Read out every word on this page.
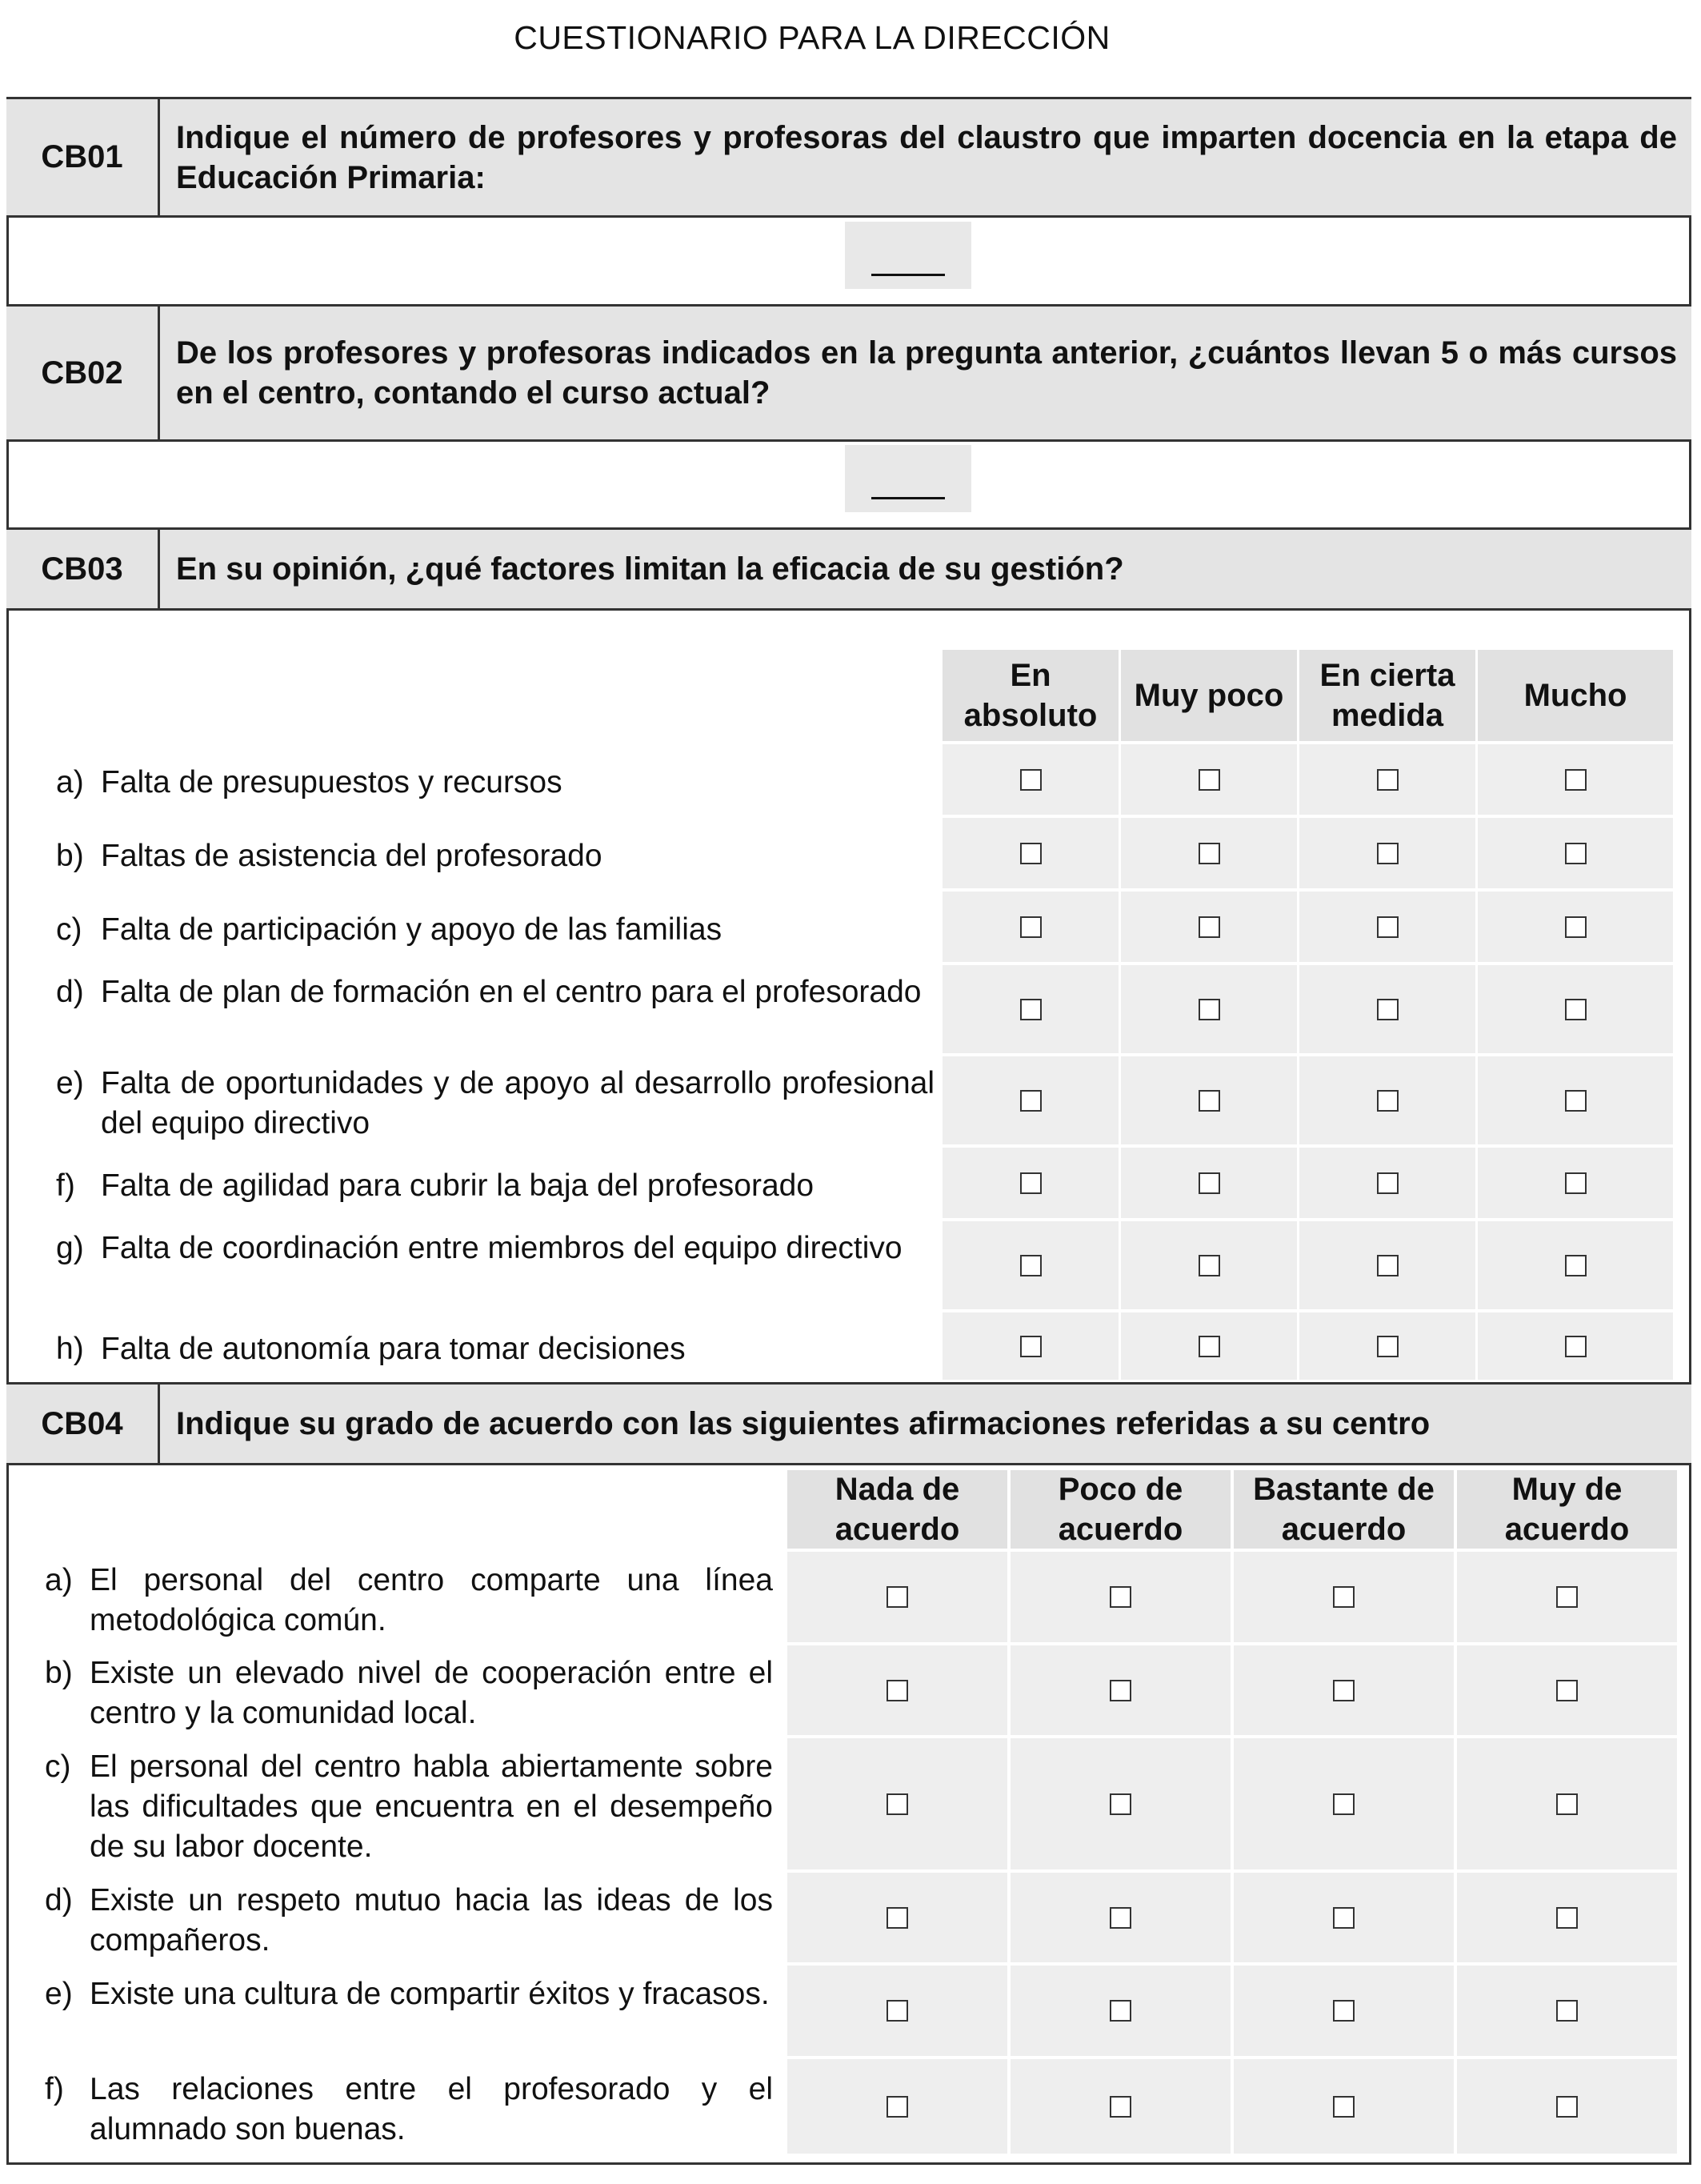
CUESTIONARIO PARA LA DIRECCIÓN
CB01
Indique el número de profesores y profesoras del claustro que imparten docencia en la etapa de Educación Primaria:
CB02
De los profesores y profesoras indicados en la pregunta anterior, ¿cuántos llevan 5 o más cursos en el centro, contando el curso actual?
CB03	En su opinión, ¿qué factores limitan la eficacia de su gestión?
En absoluto
Muy poco
En cierta medida
Mucho
a) Falta de presupuestos y recursos
b) Faltas de asistencia del profesorado
c) Falta de participación y apoyo de las familias
d) Falta de plan de formación en el centro para el profesorado
e) Falta de oportunidades y de apoyo al desarrollo profesional del equipo directivo
f) Falta de agilidad para cubrir la baja del profesorado
g) Falta de coordinación entre miembros del equipo directivo
h) Falta de autonomía para tomar decisiones
CB04	Indique su grado de acuerdo con las siguientes afirmaciones referidas a su centro
Nada de acuerdo
Poco de acuerdo
Bastante de acuerdo
Muy de acuerdo
a) El personal del centro comparte una línea metodológica común.
b) Existe un elevado nivel de cooperación entre el centro y la comunidad local.
c) El personal del centro habla abiertamente sobre las dificultades que encuentra en el desempeño de su labor docente.
d) Existe un respeto mutuo hacia las ideas de los compañeros.
e) Existe una cultura de compartir éxitos y fracasos.
f) Las relaciones entre el profesorado y el alumnado son buenas.
